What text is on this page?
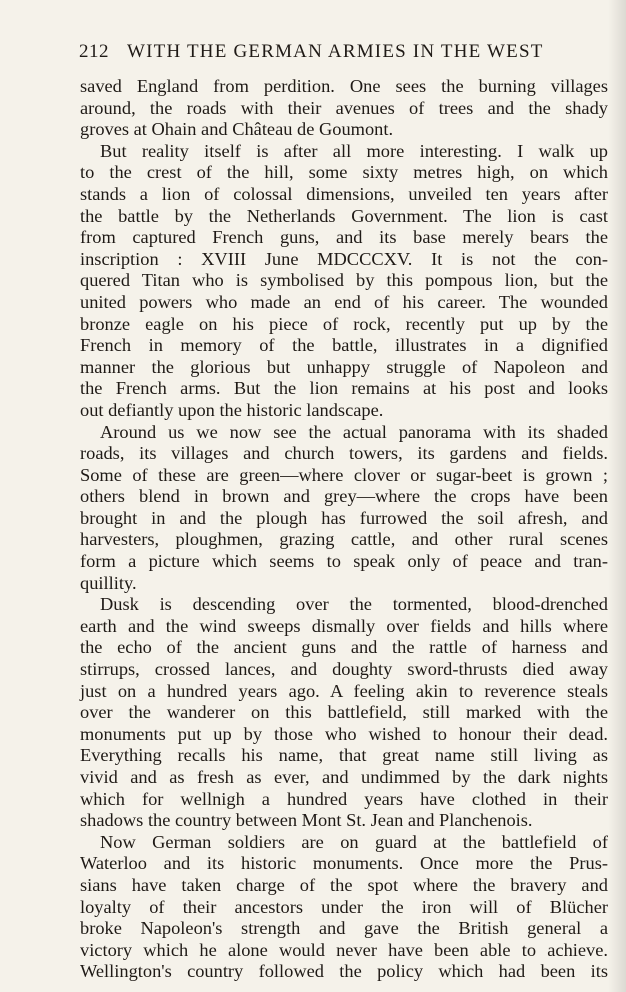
212 WITH THE GERMAN ARMIES IN THE WEST
saved England from perdition. One sees the burning villages
around, the roads with their avenues of trees and the shady
groves at Ohain and Château de Goumont.
But reality itself is after all more interesting. I walk up
to the crest of the hill, some sixty metres high, on which
stands a lion of colossal dimensions, unveiled ten years after
the battle by the Netherlands Government. The lion is cast
from captured French guns, and its base merely bears the
inscription : XVIII June MDCCCXV. It is not the con-
quered Titan who is symbolised by this pompous lion, but the
united powers who made an end of his career. The wounded
bronze eagle on his piece of rock, recently put up by the
French in memory of the battle, illustrates in a dignified
manner the glorious but unhappy struggle of Napoleon and
the French arms. But the lion remains at his post and looks
out defiantly upon the historic landscape.
Around us we now see the actual panorama with its shaded
roads, its villages and church towers, its gardens and fields.
Some of these are green—where clover or sugar-beet is grown ;
others blend in brown and grey—where the crops have been
brought in and the plough has furrowed the soil afresh, and
harvesters, ploughmen, grazing cattle, and other rural scenes
form a picture which seems to speak only of peace and tran-
quillity.
Dusk is descending over the tormented, blood-drenched
earth and the wind sweeps dismally over fields and hills where
the echo of the ancient guns and the rattle of harness and
stirrups, crossed lances, and doughty sword-thrusts died away
just on a hundred years ago. A feeling akin to reverence steals
over the wanderer on this battlefield, still marked with the
monuments put up by those who wished to honour their dead.
Everything recalls his name, that great name still living as
vivid and as fresh as ever, and undimmed by the dark nights
which for wellnigh a hundred years have clothed in their
shadows the country between Mont St. Jean and Planchenois.
Now German soldiers are on guard at the battlefield of
Waterloo and its historic monuments. Once more the Prus-
sians have taken charge of the spot where the bravery and
loyalty of their ancestors under the iron will of Blücher
broke Napoleon's strength and gave the British general a
victory which he alone would never have been able to achieve.
Wellington's country followed the policy which had been its
